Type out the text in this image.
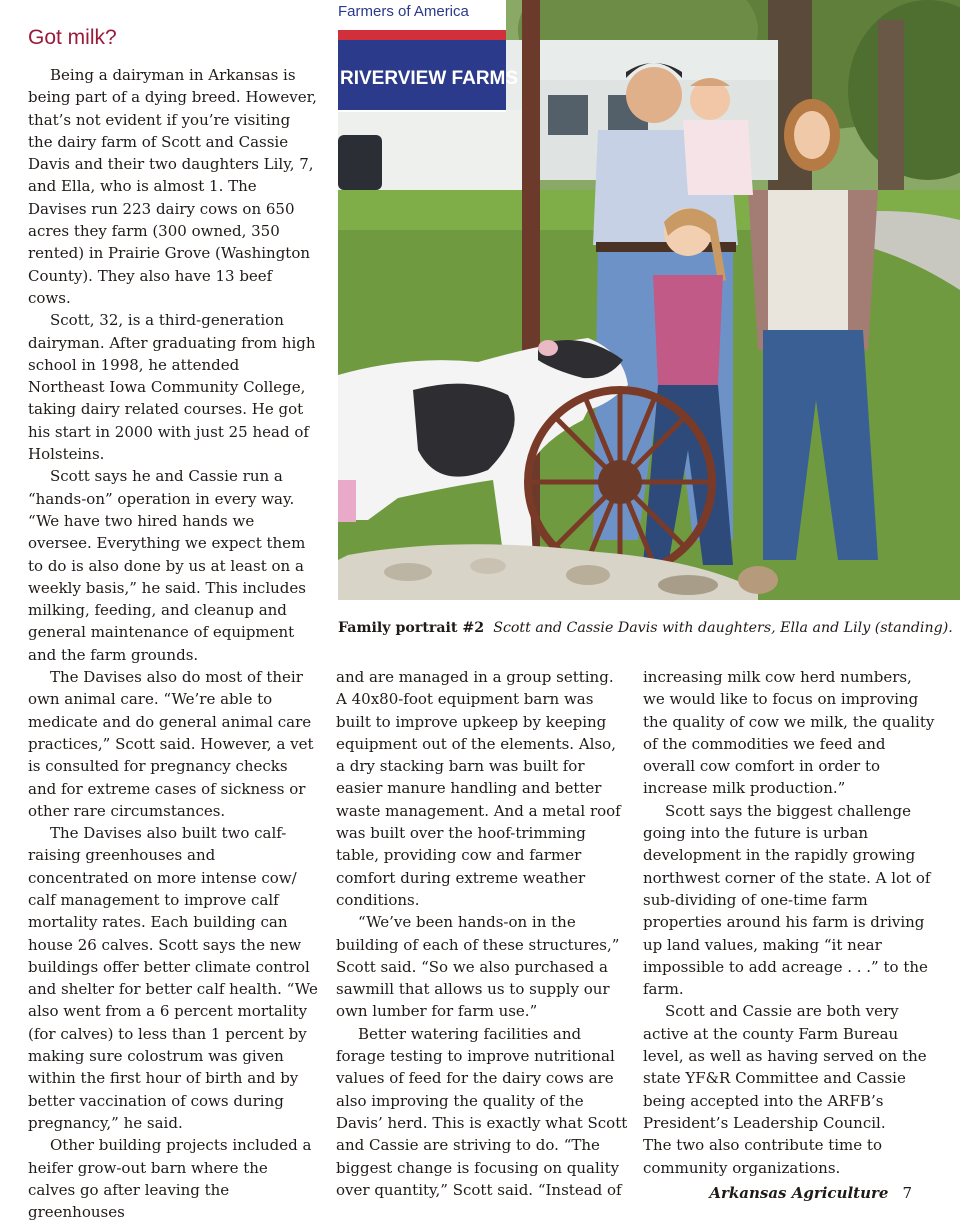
Got milk?

Being a dairyman in Arkansas is being part of a dying breed. However, that’s not evident if you’re visiting the dairy farm of Scott and Cassie Davis and their two daughters Lily, 7, and Ella, who is almost 1. The Davises run 223 dairy cows on 650 acres they farm (300 owned, 350 rented) in Prairie Grove (Washington County). They also have 13 beef cows.

Scott, 32, is a third-generation dairyman. After graduating from high school in 1998, he attended Northeast Iowa Community College, taking dairy related courses. He got his start in 2000 with just 25 head of Holsteins.

Scott says he and Cassie run a “hands-on” operation in every way. “We have two hired hands we oversee. Everything we expect them to do is also done by us at least on a weekly basis,” he said. This includes milking, feeding, and cleanup and general maintenance of equipment and the farm grounds.

The Davises also do most of their own animal care. “We’re able to medicate and do general animal care practices,” Scott said. However, a vet is consulted for pregnancy checks and for extreme cases of sickness or other rare circumstances.

The Davises also built two calf-raising greenhouses and concentrated on more intense cow/ calf management to improve calf mortality rates. Each building can house 26 calves. Scott says the new buildings offer better climate control and shelter for better calf health. “We also went from a 6 percent mortality (for calves) to less than 1 percent by making sure colostrum was given within the first hour of birth and by better vaccination of cows during pregnancy,” he said.

Other building projects included a heifer grow-out barn where the calves go after leaving the greenhouses

Farmers of America
RIVERVIEW FARMS
Family portrait #2 Scott and Cassie Davis with daughters, Ella and Lily (standing).

and are managed in a group setting. A 40x80-foot equipment barn was built to improve upkeep by keeping equipment out of the elements. Also, a dry stacking barn was built for easier manure handling and better waste management. And a metal roof was built over the hoof-trimming table, providing cow and farmer comfort during extreme weather conditions.

“We’ve been hands-on in the building of each of these structures,” Scott said. “So we also purchased a sawmill that allows us to supply our own lumber for farm use.”

Better watering facilities and forage testing to improve nutritional values of feed for the dairy cows are also improving the quality of the Davis’ herd. This is exactly what Scott and Cassie are striving to do. “The biggest change is focusing on quality over quantity,” Scott said. “Instead of

increasing milk cow herd numbers, we would like to focus on improving the quality of cow we milk, the quality of the commodities we feed and overall cow comfort in order to increase milk production.”

Scott says the biggest challenge going into the future is urban development in the rapidly growing northwest corner of the state. A lot of sub-dividing of one-time farm properties around his farm is driving up land values, making “it near impossible to add acreage . . .” to the farm.

Scott and Cassie are both very active at the county Farm Bureau level, as well as having served on the state YF&R Committee and Cassie being accepted into the ARFB’s President’s Leadership Council.

The two also contribute time to community organizations.

Arkansas Agriculture 7
